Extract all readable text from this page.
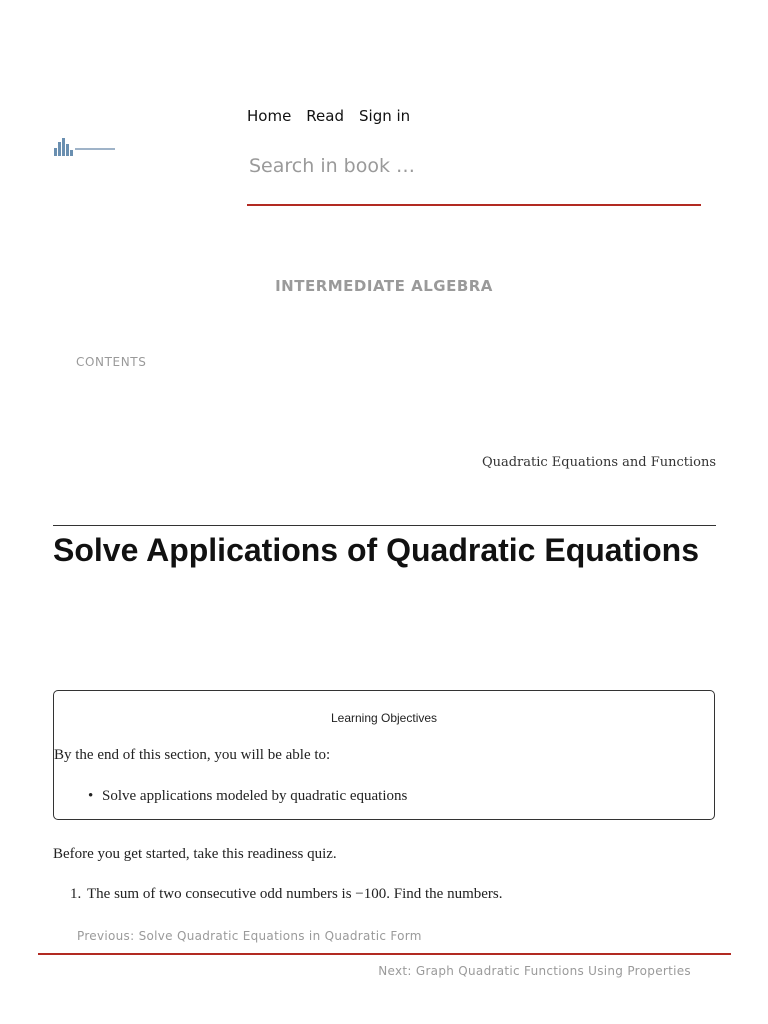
Home Read Sign in
Search in book …
INTERMEDIATE ALGEBRA
CONTENTS
Quadratic Equations and Functions
Solve Applications of Quadratic Equations
Learning Objectives
By the end of this section, you will be able to:
• Solve applications modeled by quadratic equations
Before you get started, take this readiness quiz.
1. The sum of two consecutive odd numbers is −100. Find the numbers.
Previous: Solve Quadratic Equations in Quadratic Form
Next: Graph Quadratic Functions Using Properties
